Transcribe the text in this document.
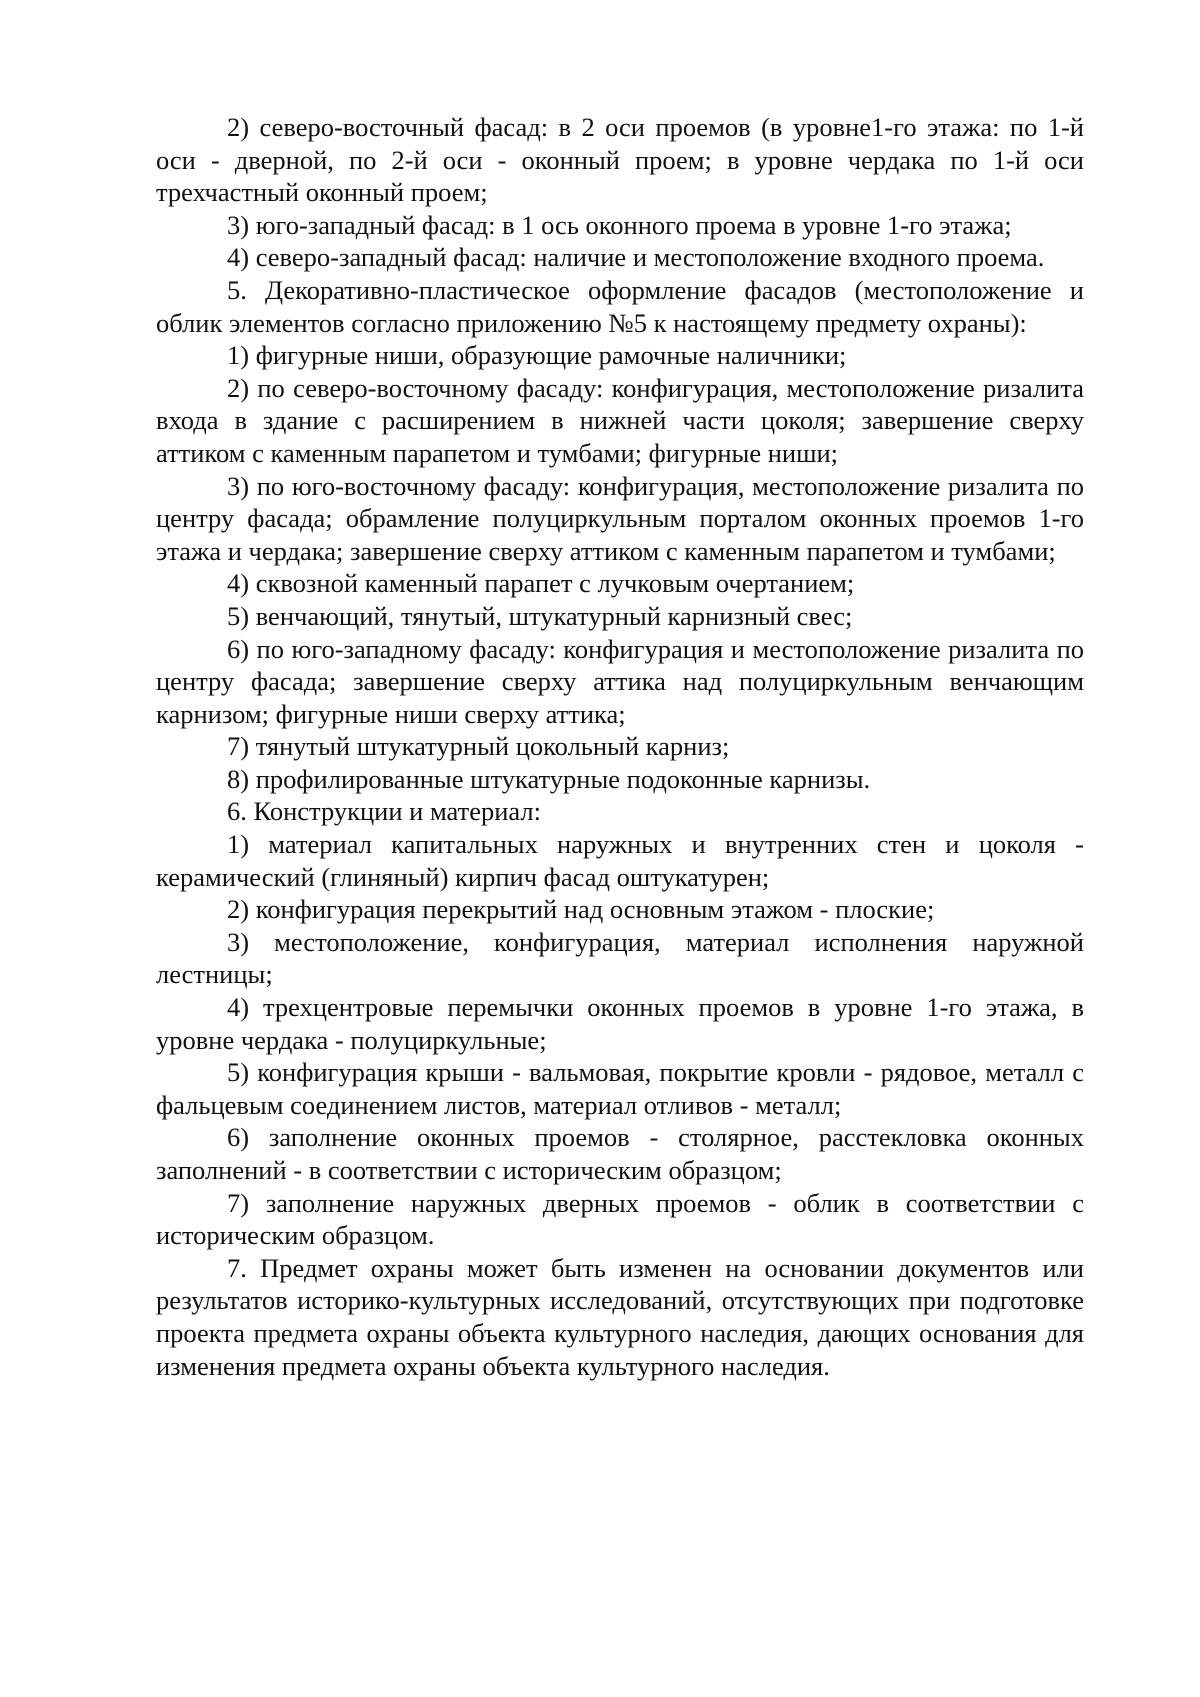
2) северо-восточный фасад: в 2 оси проемов (в уровне1-го этажа: по 1-й оси - дверной, по 2-й оси - оконный проем; в уровне чердака по 1-й оси трехчастный оконный проем;

3) юго-западный фасад: в 1 ось оконного проема в уровне 1-го этажа;

4) северо-западный фасад: наличие и местоположение входного проема.

5. Декоративно-пластическое оформление фасадов (местоположение и облик элементов согласно приложению №5 к настоящему предмету охраны):

1) фигурные ниши, образующие рамочные наличники;

2) по северо-восточному фасаду: конфигурация, местоположение ризалита входа в здание с расширением в нижней части цоколя; завершение сверху аттиком с каменным парапетом и тумбами; фигурные ниши;

3) по юго-восточному фасаду: конфигурация, местоположение ризалита по центру фасада; обрамление полуциркульным порталом оконных проемов 1-го этажа и чердака; завершение сверху аттиком с каменным парапетом и тумбами;

4) сквозной каменный парапет с лучковым очертанием;

5) венчающий, тянутый, штукатурный карнизный свес;

6) по юго-западному фасаду: конфигурация и местоположение ризалита по центру фасада; завершение сверху аттика над полуциркульным венчающим карнизом; фигурные ниши сверху аттика;

7) тянутый штукатурный цокольный карниз;

8) профилированные штукатурные подоконные карнизы.

6. Конструкции и материал:

1) материал капитальных наружных и внутренних стен и цоколя - керамический (глиняный) кирпич фасад оштукатурен;

2) конфигурация перекрытий над основным этажом - плоские;

3) местоположение, конфигурация, материал исполнения наружной лестницы;

4) трехцентровые перемычки оконных проемов в уровне 1-го этажа, в уровне чердака - полуциркульные;

5) конфигурация крыши - вальмовая, покрытие кровли - рядовое, металл с фальцевым соединением листов, материал отливов - металл;

6) заполнение оконных проемов - столярное, расстекловка оконных заполнений - в соответствии с историческим образцом;

7) заполнение наружных дверных проемов - облик в соответствии с историческим образцом.

7. Предмет охраны может быть изменен на основании документов или результатов историко-культурных исследований, отсутствующих при подготовке проекта предмета охраны объекта культурного наследия, дающих основания для изменения предмета охраны объекта культурного наследия.
